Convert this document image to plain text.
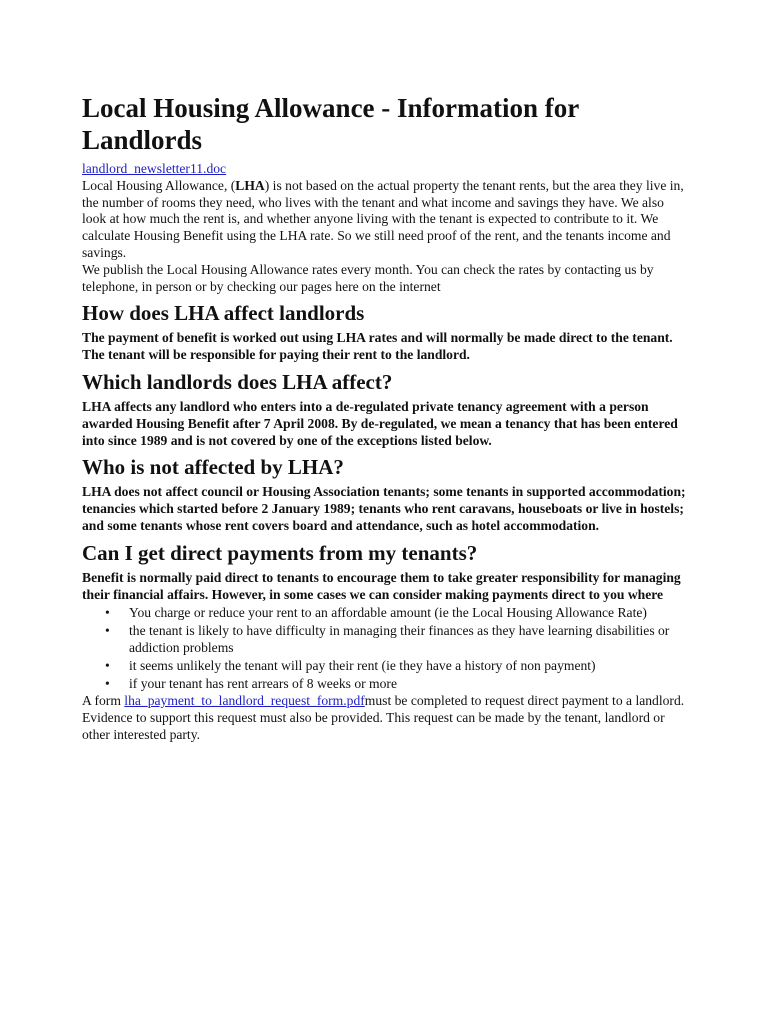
Local Housing Allowance - Information for Landlords

landlord_newsletter11.doc

Local Housing Allowance, (LHA) is not based on the actual property the tenant rents, but the area they live in, the number of rooms they need, who lives with the tenant and what income and savings they have. We also look at how much the rent is, and whether anyone living with the tenant is expected to contribute to it. We calculate Housing Benefit using the LHA rate. So we still need proof of the rent, and the tenants income and savings.

We publish the Local Housing Allowance rates every month. You can check the rates by contacting us by telephone, in person or by checking our pages here on the internet

How does LHA affect landlords

The payment of benefit is worked out using LHA rates and will normally be made direct to the tenant. The tenant will be responsible for paying their rent to the landlord.

Which landlords does LHA affect?

LHA affects any landlord who enters into a de-regulated private tenancy agreement with a person awarded Housing Benefit after 7 April 2008. By de-regulated, we mean a tenancy that has been entered into since 1989 and is not covered by one of the exceptions listed below.

Who is not affected by LHA?

LHA does not affect council or Housing Association tenants; some tenants in supported accommodation; tenancies which started before 2 January 1989; tenants who rent caravans, houseboats or live in hostels; and some tenants whose rent covers board and attendance, such as hotel accommodation.

Can I get direct payments from my tenants?

Benefit is normally paid direct to tenants to encourage them to take greater responsibility for managing their financial affairs. However, in some cases we can consider making payments direct to you where

• You charge or reduce your rent to an affordable amount (ie the Local Housing Allowance Rate)
• the tenant is likely to have difficulty in managing their finances as they have learning disabilities or addiction problems
• it seems unlikely the tenant will pay their rent (ie they have a history of non payment)
• if your tenant has rent arrears of 8 weeks or more

A form lha_payment_to_landlord_request_form.pdfmust be completed to request direct payment to a landlord. Evidence to support this request must also be provided. This request can be made by the tenant, landlord or other interested party.
